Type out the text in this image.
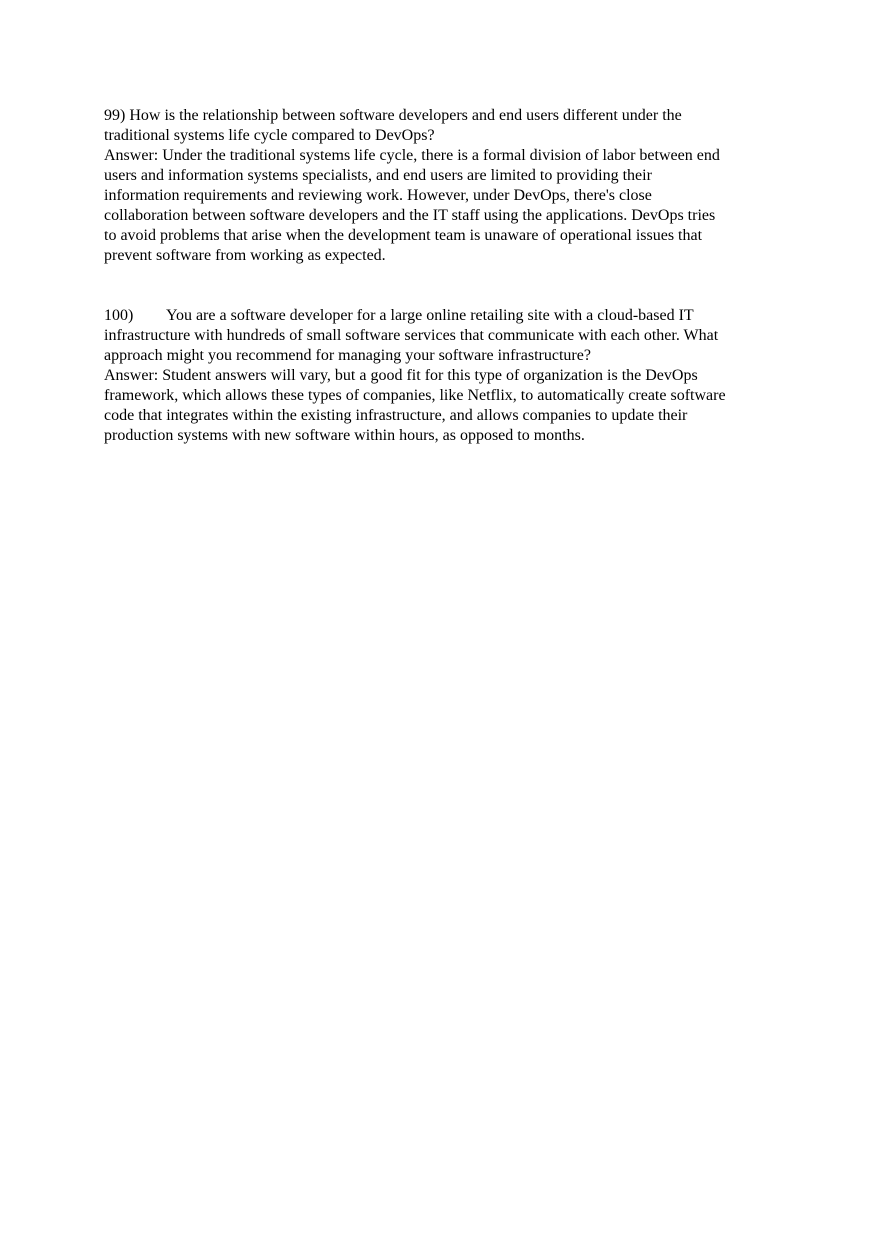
99) How is the relationship between software developers and end users different under the
traditional systems life cycle compared to DevOps?
Answer: Under the traditional systems life cycle, there is a formal division of labor between end
users and information systems specialists, and end users are limited to providing their
information requirements and reviewing work. However, under DevOps, there's close
collaboration between software developers and the IT staff using the applications. DevOps tries
to avoid problems that arise when the development team is unaware of operational issues that
prevent software from working as expected.
100) You are a software developer for a large online retailing site with a cloud-based IT
infrastructure with hundreds of small software services that communicate with each other. What
approach might you recommend for managing your software infrastructure?
Answer: Student answers will vary, but a good fit for this type of organization is the DevOps
framework, which allows these types of companies, like Netflix, to automatically create software
code that integrates within the existing infrastructure, and allows companies to update their
production systems with new software within hours, as opposed to months.
